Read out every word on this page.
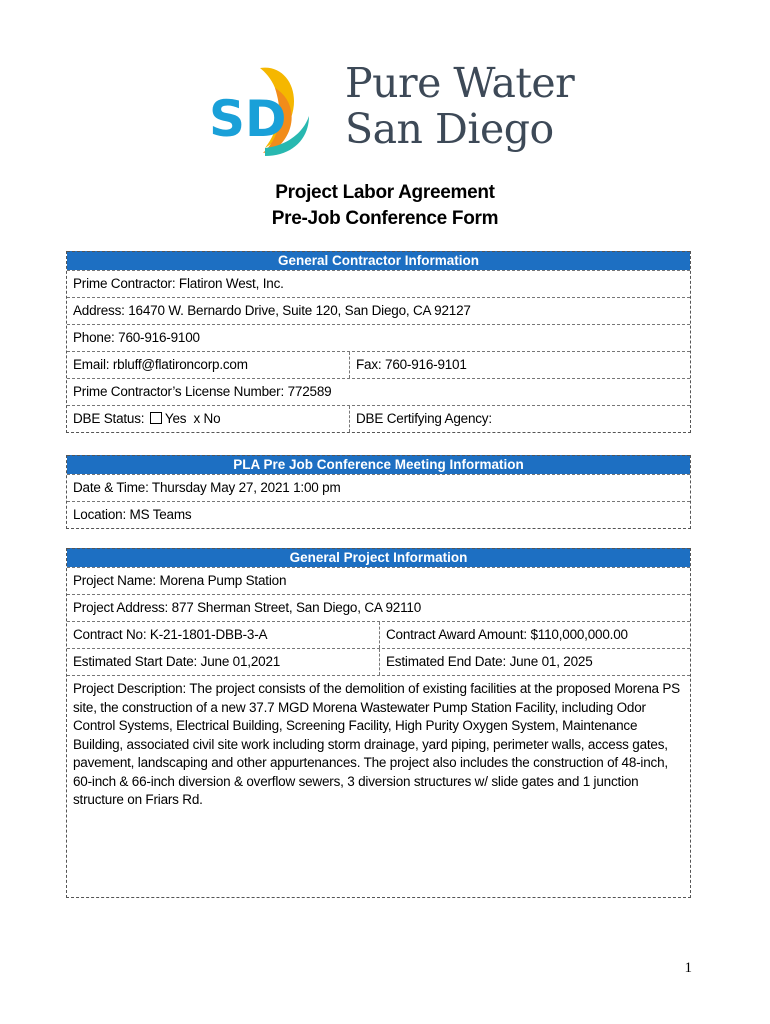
SD
Pure Water
San Diego
Project Labor Agreement
Pre-Job Conference Form
General Contractor Information
Prime Contractor: Flatiron West, Inc.
Address: 16470 W. Bernardo Drive, Suite 120, San Diego, CA 92127
Phone: 760-916-9100
Email: rbluff@flatironcorp.com	Fax: 760-916-9101
Prime Contractor’s License Number: 772589
DBE Status: Yes x No	DBE Certifying Agency:
PLA Pre Job Conference Meeting Information
Date & Time: Thursday May 27, 2021 1:00 pm
Location: MS Teams
General Project Information
Project Name: Morena Pump Station
Project Address: 877 Sherman Street, San Diego, CA 92110
Contract No: K-21-1801-DBB-3-A	Contract Award Amount: $110,000,000.00
Estimated Start Date: June 01,2021	Estimated End Date: June 01, 2025
Project Description: The project consists of the demolition of existing facilities at the proposed Morena PS site, the construction of a new 37.7 MGD Morena Wastewater Pump Station Facility, including Odor Control Systems, Electrical Building, Screening Facility, High Purity Oxygen System, Maintenance Building, associated civil site work including storm drainage, yard piping, perimeter walls, access gates, pavement, landscaping and other appurtenances. The project also includes the construction of 48-inch, 60-inch & 66-inch diversion & overflow sewers, 3 diversion structures w/ slide gates and 1 junction structure on Friars Rd.
1
